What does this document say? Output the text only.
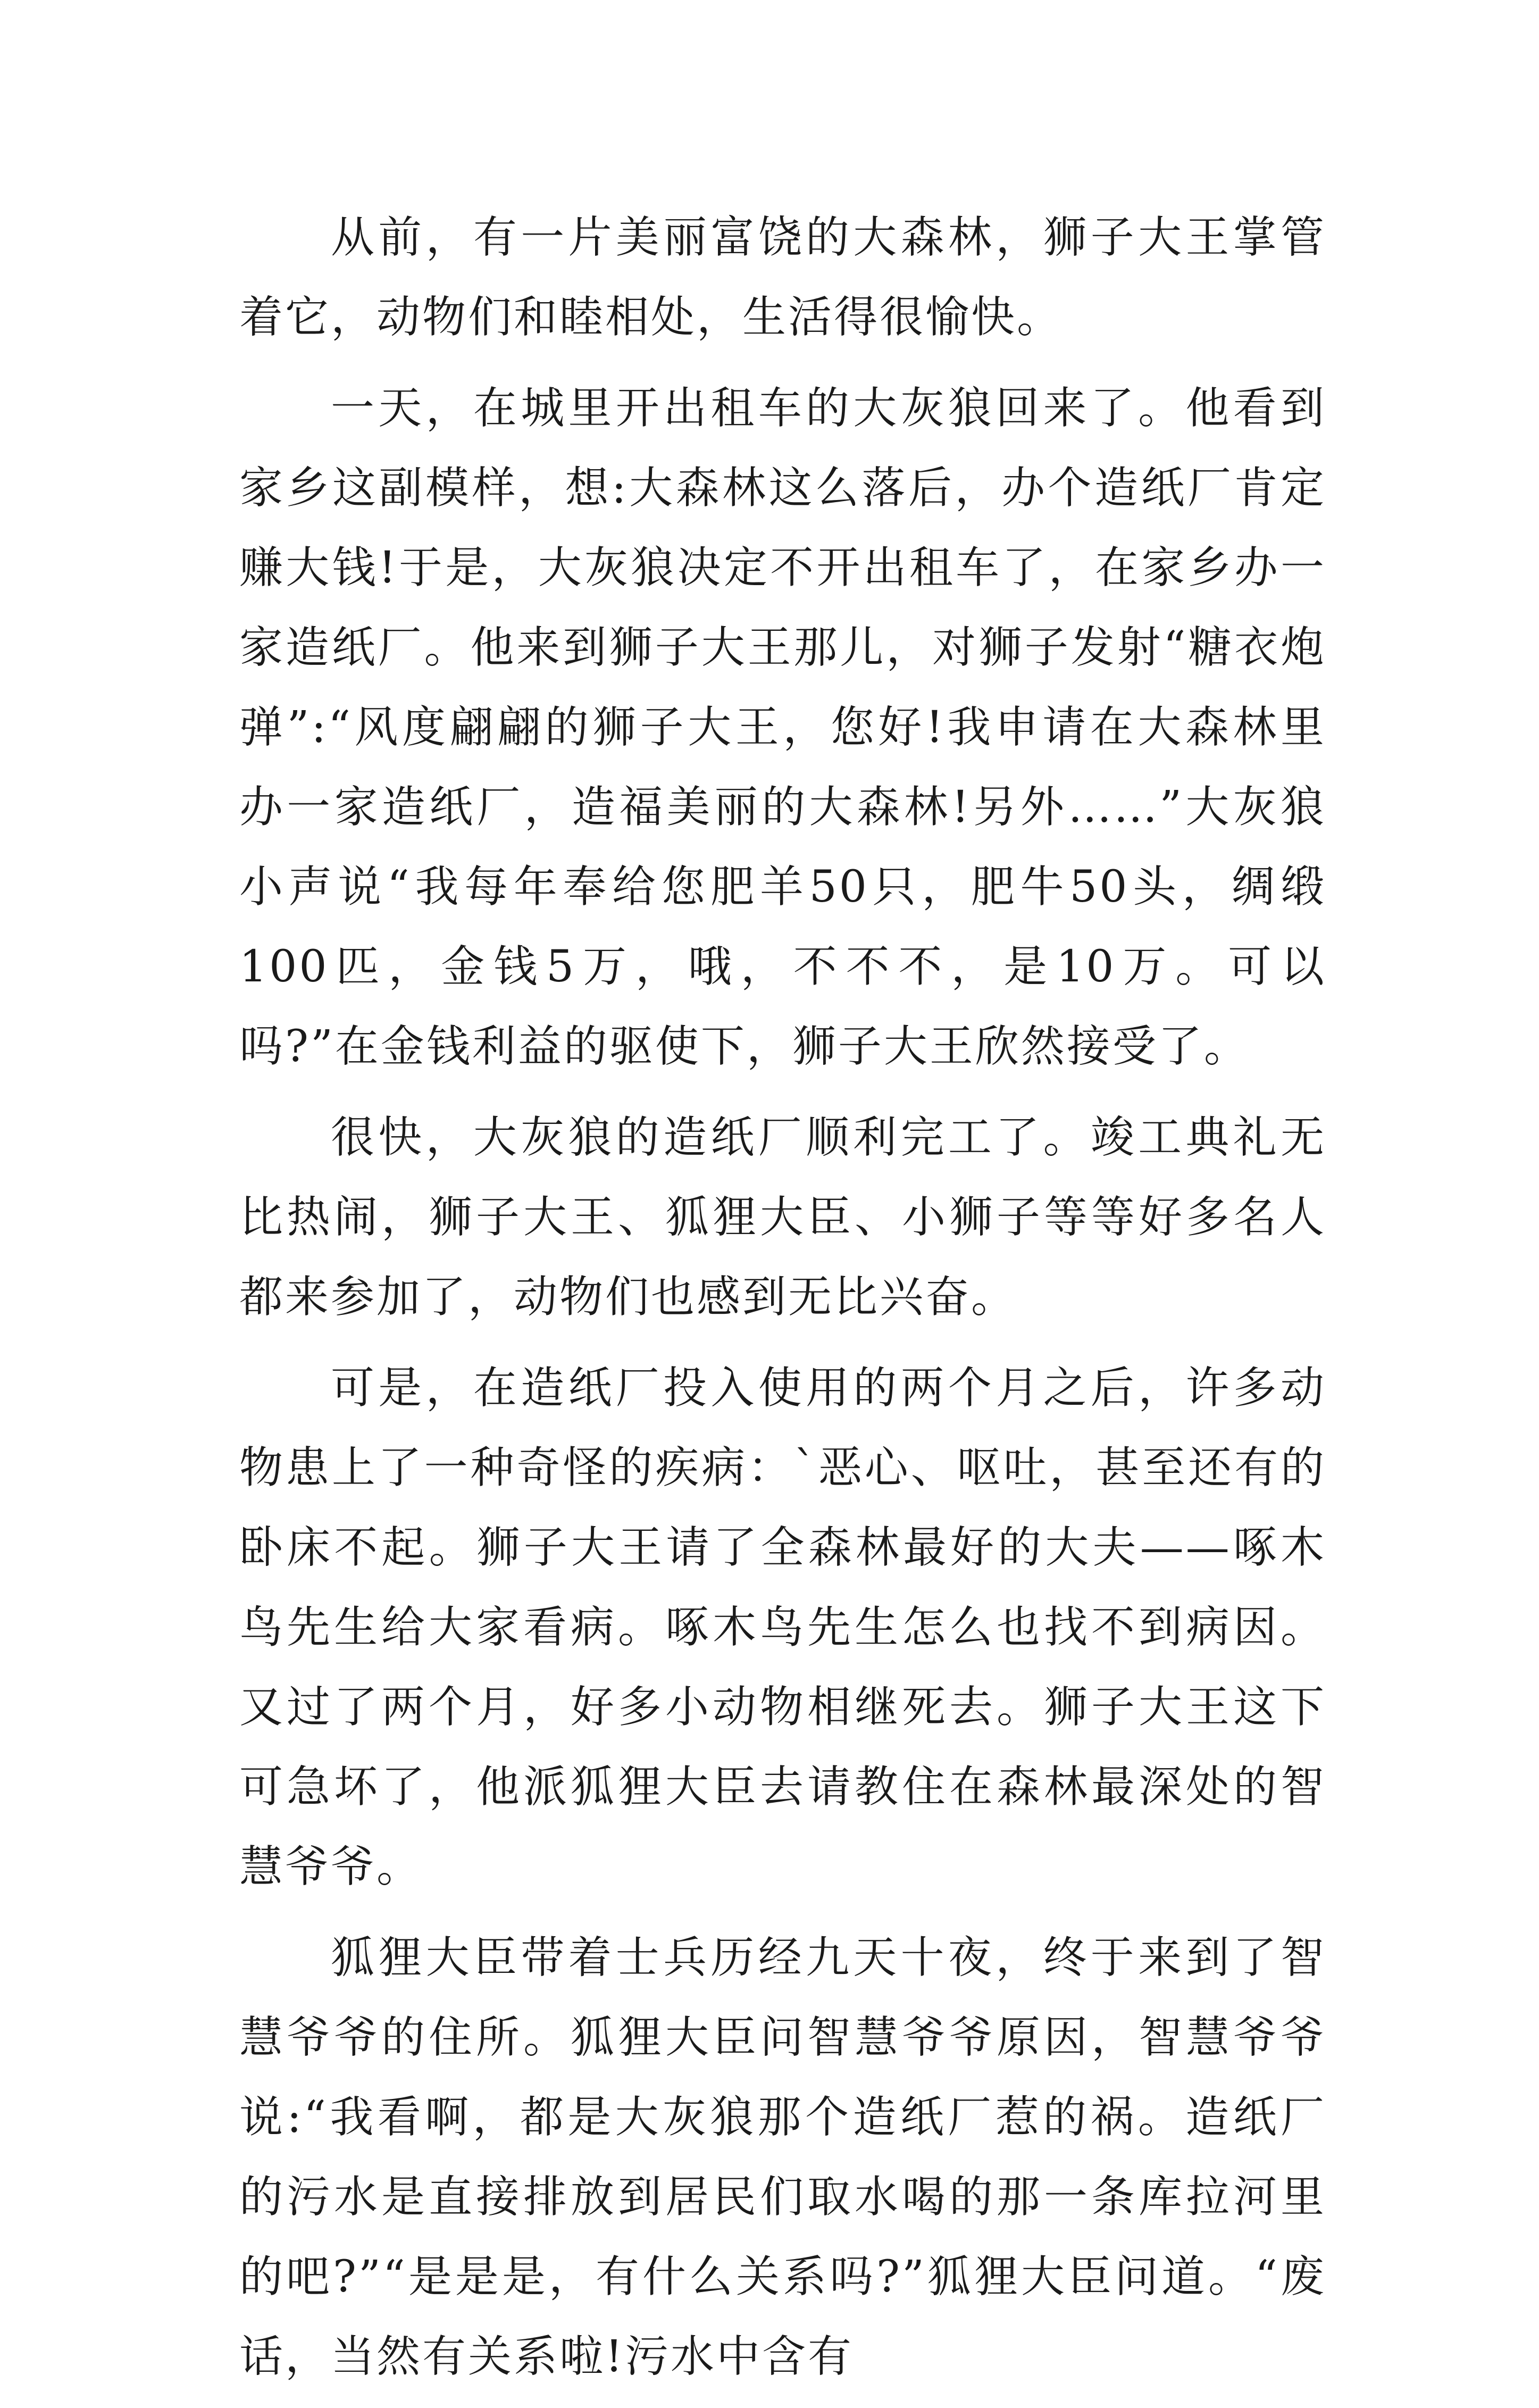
从前，有一片美丽富饶的大森林，狮子大王掌管着它，动物们和睦相处，生活得很愉快。

一天，在城里开出租车的大灰狼回来了。他看到家乡这副模样，想:大森林这么落后，办个造纸厂肯定赚大钱!于是，大灰狼决定不开出租车了，在家乡办一家造纸厂。他来到狮子大王那儿，对狮子发射“糖衣炮弹”:“风度翩翩的狮子大王，您好!我申请在大森林里办一家造纸厂，造福美丽的大森林!另外……”大灰狼小声说“我每年奉给您肥羊50只，肥牛50头，绸缎100匹，金钱5万，哦，不不不，是10万。可以吗?”在金钱利益的驱使下，狮子大王欣然接受了。

很快，大灰狼的造纸厂顺利完工了。竣工典礼无比热闹，狮子大王、狐狸大臣、小狮子等等好多名人都来参加了，动物们也感到无比兴奋。

可是，在造纸厂投入使用的两个月之后，许多动物患上了一种奇怪的疾病：`恶心、呕吐，甚至还有的卧床不起。狮子大王请了全森林最好的大夫——啄木鸟先生给大家看病。啄木鸟先生怎么也找不到病因。又过了两个月，好多小动物相继死去。狮子大王这下可急坏了，他派狐狸大臣去请教住在森林最深处的智慧爷爷。

狐狸大臣带着士兵历经九天十夜，终于来到了智慧爷爷的住所。狐狸大臣问智慧爷爷原因，智慧爷爷说:“我看啊，都是大灰狼那个造纸厂惹的祸。造纸厂的污水是直接排放到居民们取水喝的那一条库拉河里的吧?”“是是是，有什么关系吗?”狐狸大臣问道。“废话，当然有关系啦!污水中含有
